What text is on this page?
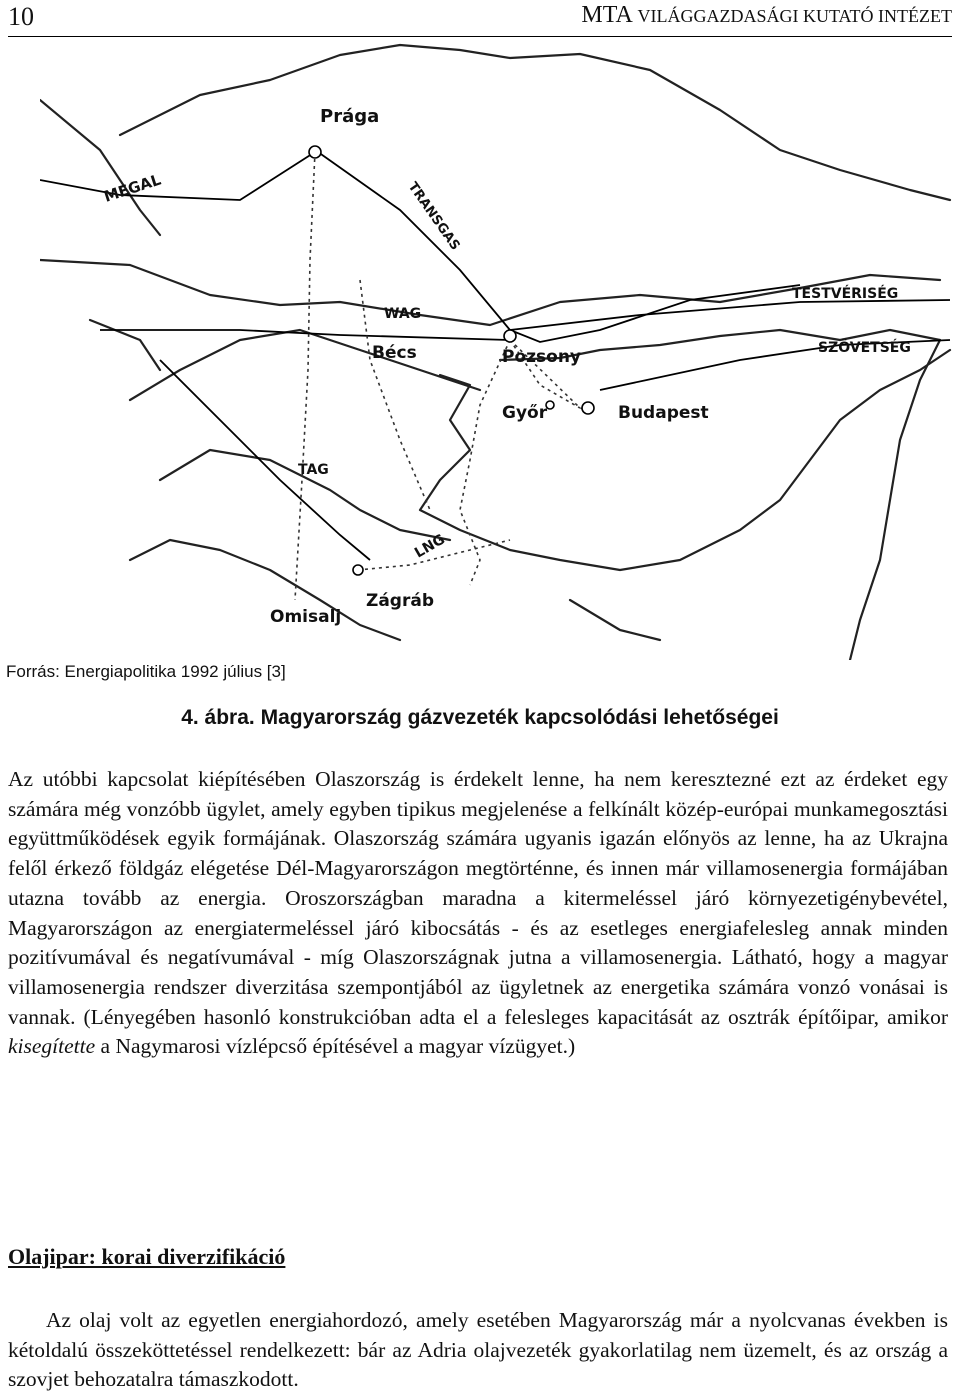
10	MTA VILÁGGAZDASÁGI KUTATÓ INTÉZET
Prága
MEGAL	TRANSGAS
TESTVÉRISÉG
SZÖVETSÉG
WAG
Bécs	Pozsony
Győr	Budapest
TAG
LNG
Zágráb
Omisalj
Forrás: Energiapolitika 1992 július [3]
4. ábra. Magyarország gázvezeték kapcsolódási lehetőségei

Az utóbbi kapcsolat kiépítésében Olaszország is érdekelt lenne, ha nem keresztezné ezt az érdeket egy számára még vonzóbb ügylet, amely egyben tipikus megjelenése a felkínált közép-európai munkamegosztási együttműködések egyik formájának. Olaszország számára ugyanis igazán előnyös az lenne, ha az Ukrajna felől érkező földgáz elégetése Dél-Magyarországon megtörténne, és innen már villamosenergia formájában utazna tovább az energia. Oroszországban maradna a kitermeléssel járó környezetigénybevétel, Magyarországon az energiatermeléssel járó kibocsátás - és az esetleges energiafelesleg annak minden pozitívumával és negatívumával - míg Olaszországnak jutna a villamosenergia. Látható, hogy a magyar villamosenergia rendszer diverzitása szempontjából az ügyletnek az energetika számára vonzó vonásai is vannak. (Lényegében hasonló konstrukcióban adta el a felesleges kapacitását az osztrák építőipar, amikor kisegítette a Nagymarosi vízlépcső építésével a magyar vízügyet.)

Olajipar: korai diverzifikáció

Az olaj volt az egyetlen energiahordozó, amely esetében Magyarország már a nyolcvanas években is kétoldalú összeköttetéssel rendelkezett: bár az Adria olajvezeték gyakorlatilag nem üzemelt, és az ország a szovjet behozatalra támaszkodott.
